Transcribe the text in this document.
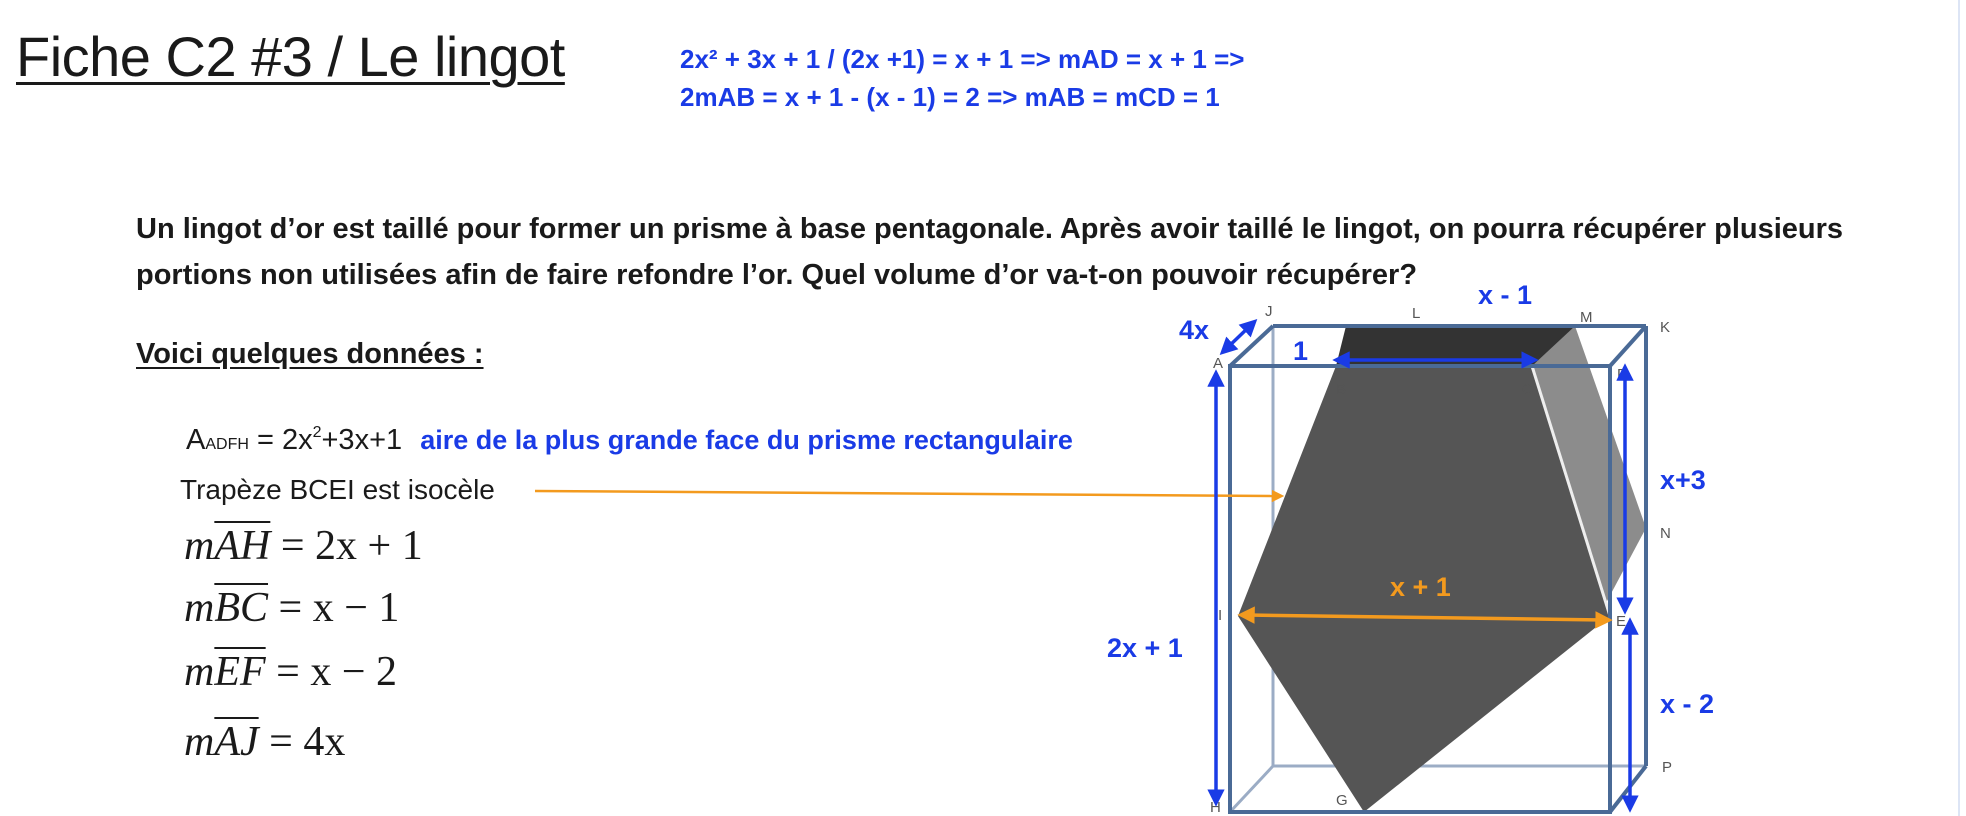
Fiche C2 #3 / Le lingot	2x² + 3x + 1 / (2x +1) = x + 1 => mAD = x + 1 =>
2mAB = x + 1 - (x - 1) = 2 => mAB = mCD = 1

Un lingot d’or est taillé pour former un prisme à base pentagonale. Après avoir taillé le lingot, on pourra récupérer plusieurs portions non utilisées afin de faire refondre l’or. Quel volume d’or va-t-on pouvoir récupérer?

Voici quelques données :
AADFH = $2x^2+3x+1$ aire de la plus grande face du prisme rectangulaire
Trapèze BCEI est isocèle
$m\overline{AH} = 2x + 1$
$m\overline{BC} = x - 1$
$m\overline{EF} = x - 2$
$m\overline{AJ} = 4x$
A
B	C
D
E
G
H
I
J
K
L	M
N
P
x - 1
4x
1
x+3
2x + 1
x - 2
x + 1
